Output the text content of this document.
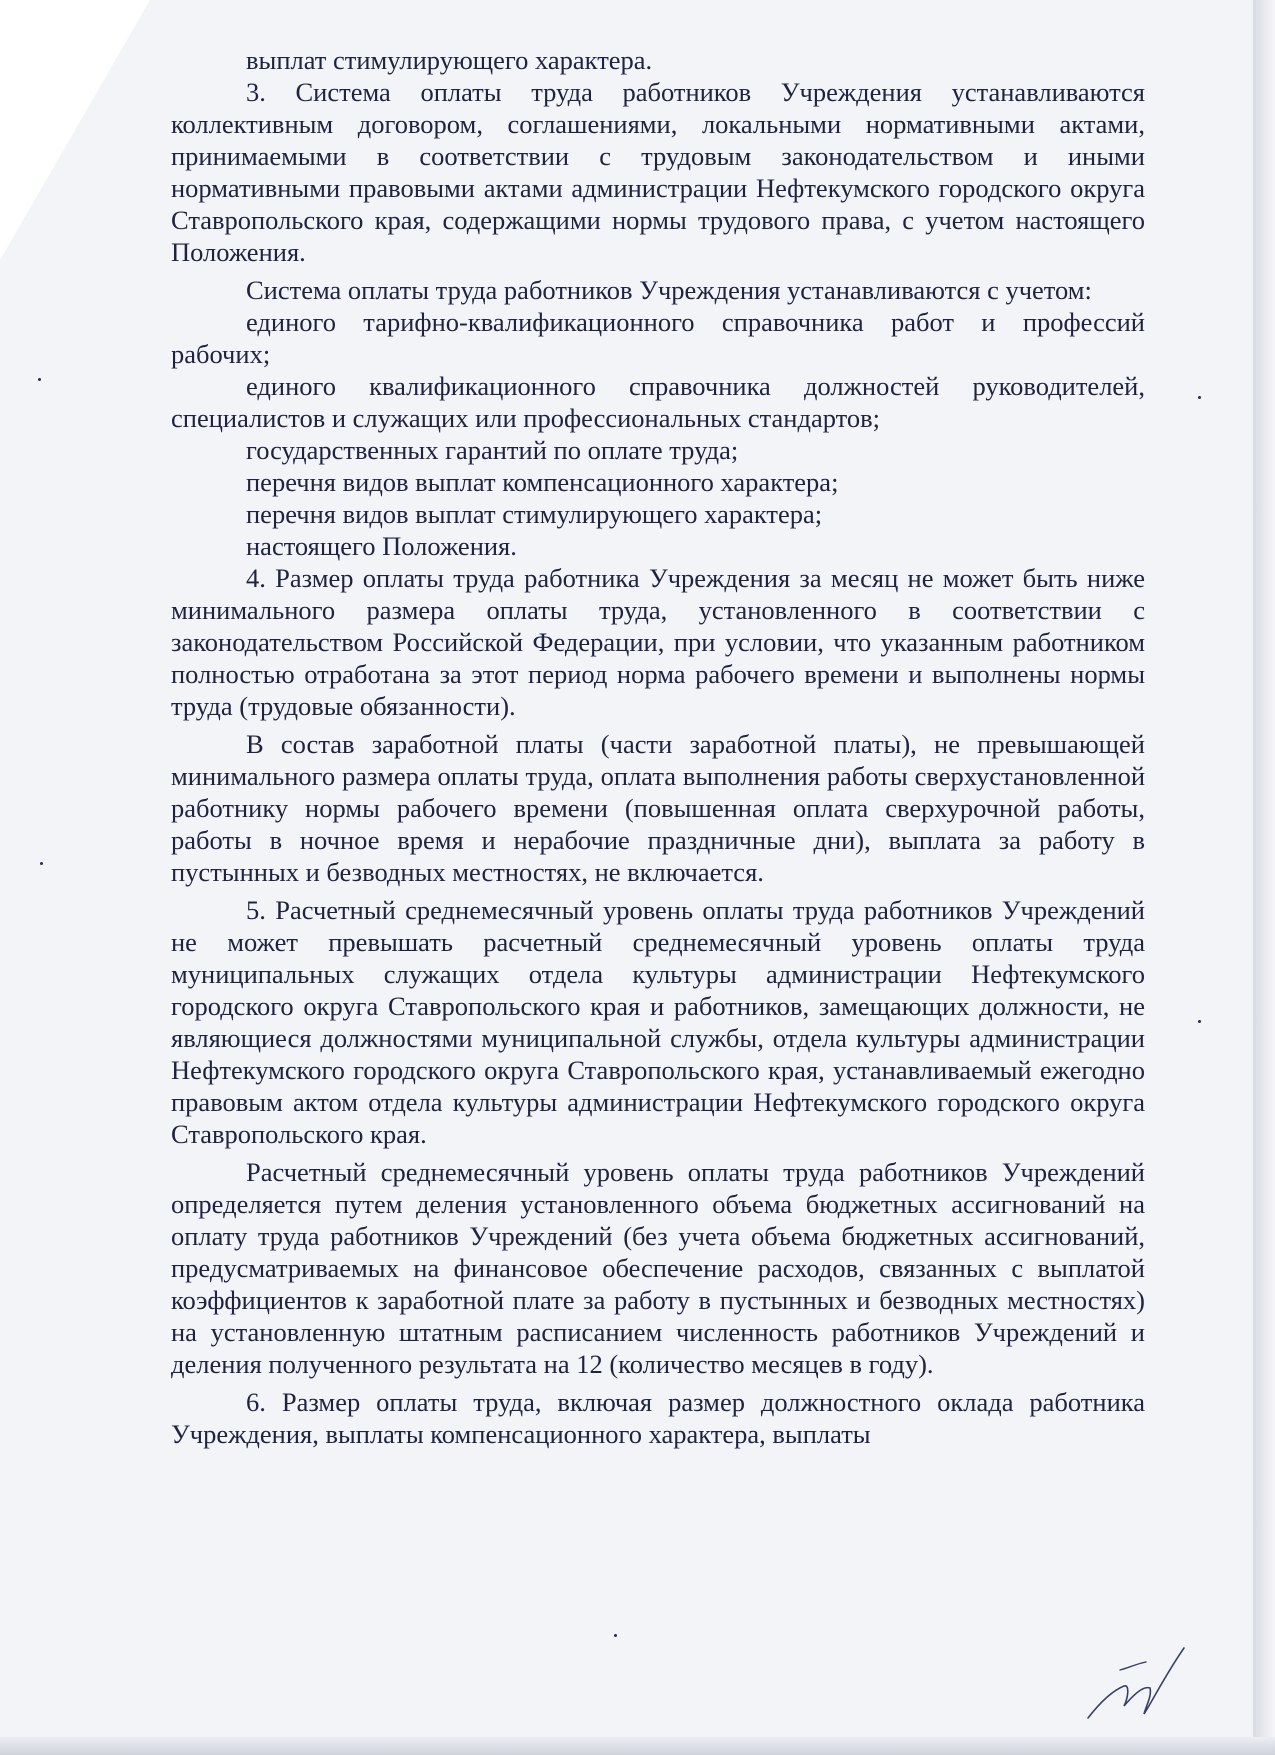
выплат стимулирующего характера.

3. Система оплаты труда работников Учреждения устанавливаются коллективным договором, соглашениями, локальными нормативными актами, принимаемыми в соответствии с трудовым законодательством и иными нормативными правовыми актами администрации Нефтекумского городского округа Ставропольского края, содержащими нормы трудового права, с учетом настоящего Положения.

Система оплаты труда работников Учреждения устанавливаются с учетом:

единого тарифно-квалификационного справочника работ и профессий рабочих;

единого квалификационного справочника должностей руководителей, специалистов и служащих или профессиональных стандартов;

государственных гарантий по оплате труда;

перечня видов выплат компенсационного характера;

перечня видов выплат стимулирующего характера;

настоящего Положения.

4. Размер оплаты труда работника Учреждения за месяц не может быть ниже минимального размера оплаты труда, установленного в соответствии с законодательством Российской Федерации, при условии, что указанным работником полностью отработана за этот период норма рабочего времени и выполнены нормы труда (трудовые обязанности).

В состав заработной платы (части заработной платы), не превышающей минимального размера оплаты труда, оплата выполнения работы сверхустановленной работнику нормы рабочего времени (повышенная оплата сверхурочной работы, работы в ночное время и нерабочие праздничные дни), выплата за работу в пустынных и безводных местностях, не включается.

5. Расчетный среднемесячный уровень оплаты труда работников Учреждений не может превышать расчетный среднемесячный уровень оплаты труда муниципальных служащих отдела культуры администрации Нефтекумского городского округа Ставропольского края и работников, замещающих должности, не являющиеся должностями муниципальной службы, отдела культуры администрации Нефтекумского городского округа Ставропольского края, устанавливаемый ежегодно правовым актом отдела культуры администрации Нефтекумского городского округа Ставропольского края.

Расчетный среднемесячный уровень оплаты труда работников Учреждений определяется путем деления установленного объема бюджетных ассигнований на оплату труда работников Учреждений (без учета объема бюджетных ассигнований, предусматриваемых на финансовое обеспечение расходов, связанных с выплатой коэффициентов к заработной плате за работу в пустынных и безводных местностях) на установленную штатным расписанием численность работников Учреждений и деления полученного результата на 12 (количество месяцев в году).

6. Размер оплаты труда, включая размер должностного оклада работника Учреждения, выплаты компенсационного характера, выплаты
